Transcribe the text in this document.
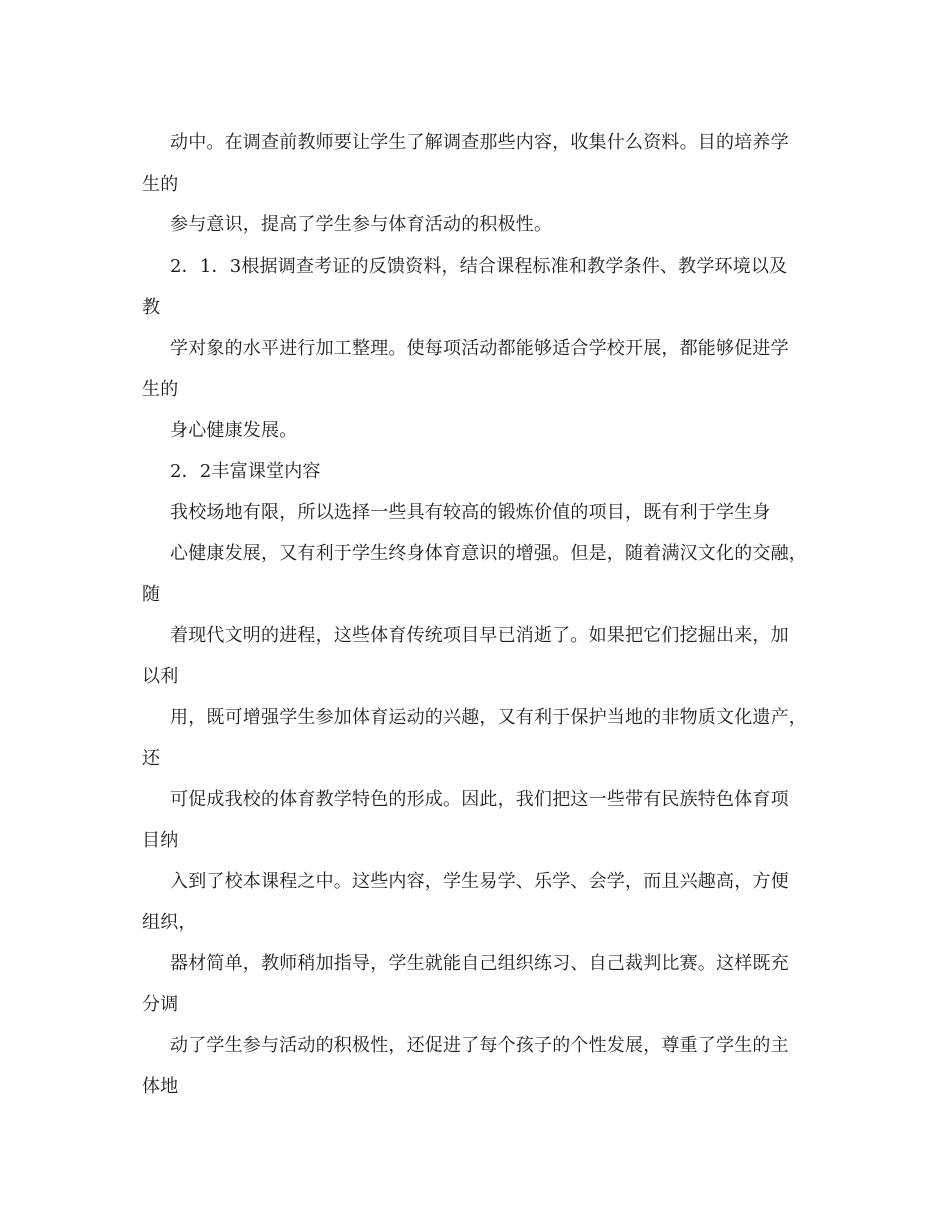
动中。在调查前教师要让学生了解调查那些内容，收集什么资料。目的培养学
生的
参与意识，提高了学生参与体育活动的积极性。
2．1．3根据调查考证的反馈资料，结合课程标准和教学条件、教学环境以及
教
学对象的水平进行加工整理。使每项活动都能够适合学校开展，都能够促进学
生的
身心健康发展。
2．2丰富课堂内容
我校场地有限，所以选择一些具有较高的锻炼价值的项目，既有利于学生身
心健康发展，又有利于学生终身体育意识的增强。但是，随着满汉文化的交融，
随
着现代文明的进程，这些体育传统项目早已消逝了。如果把它们挖掘出来，加
以利
用，既可增强学生参加体育运动的兴趣，又有利于保护当地的非物质文化遗产，
还
可促成我校的体育教学特色的形成。因此，我们把这一些带有民族特色体育项
目纳
入到了校本课程之中。这些内容，学生易学、乐学、会学，而且兴趣高，方便
组织，
器材简单，教师稍加指导，学生就能自己组织练习、自己裁判比赛。这样既充
分调
动了学生参与活动的积极性，还促进了每个孩子的个性发展，尊重了学生的主
体地
